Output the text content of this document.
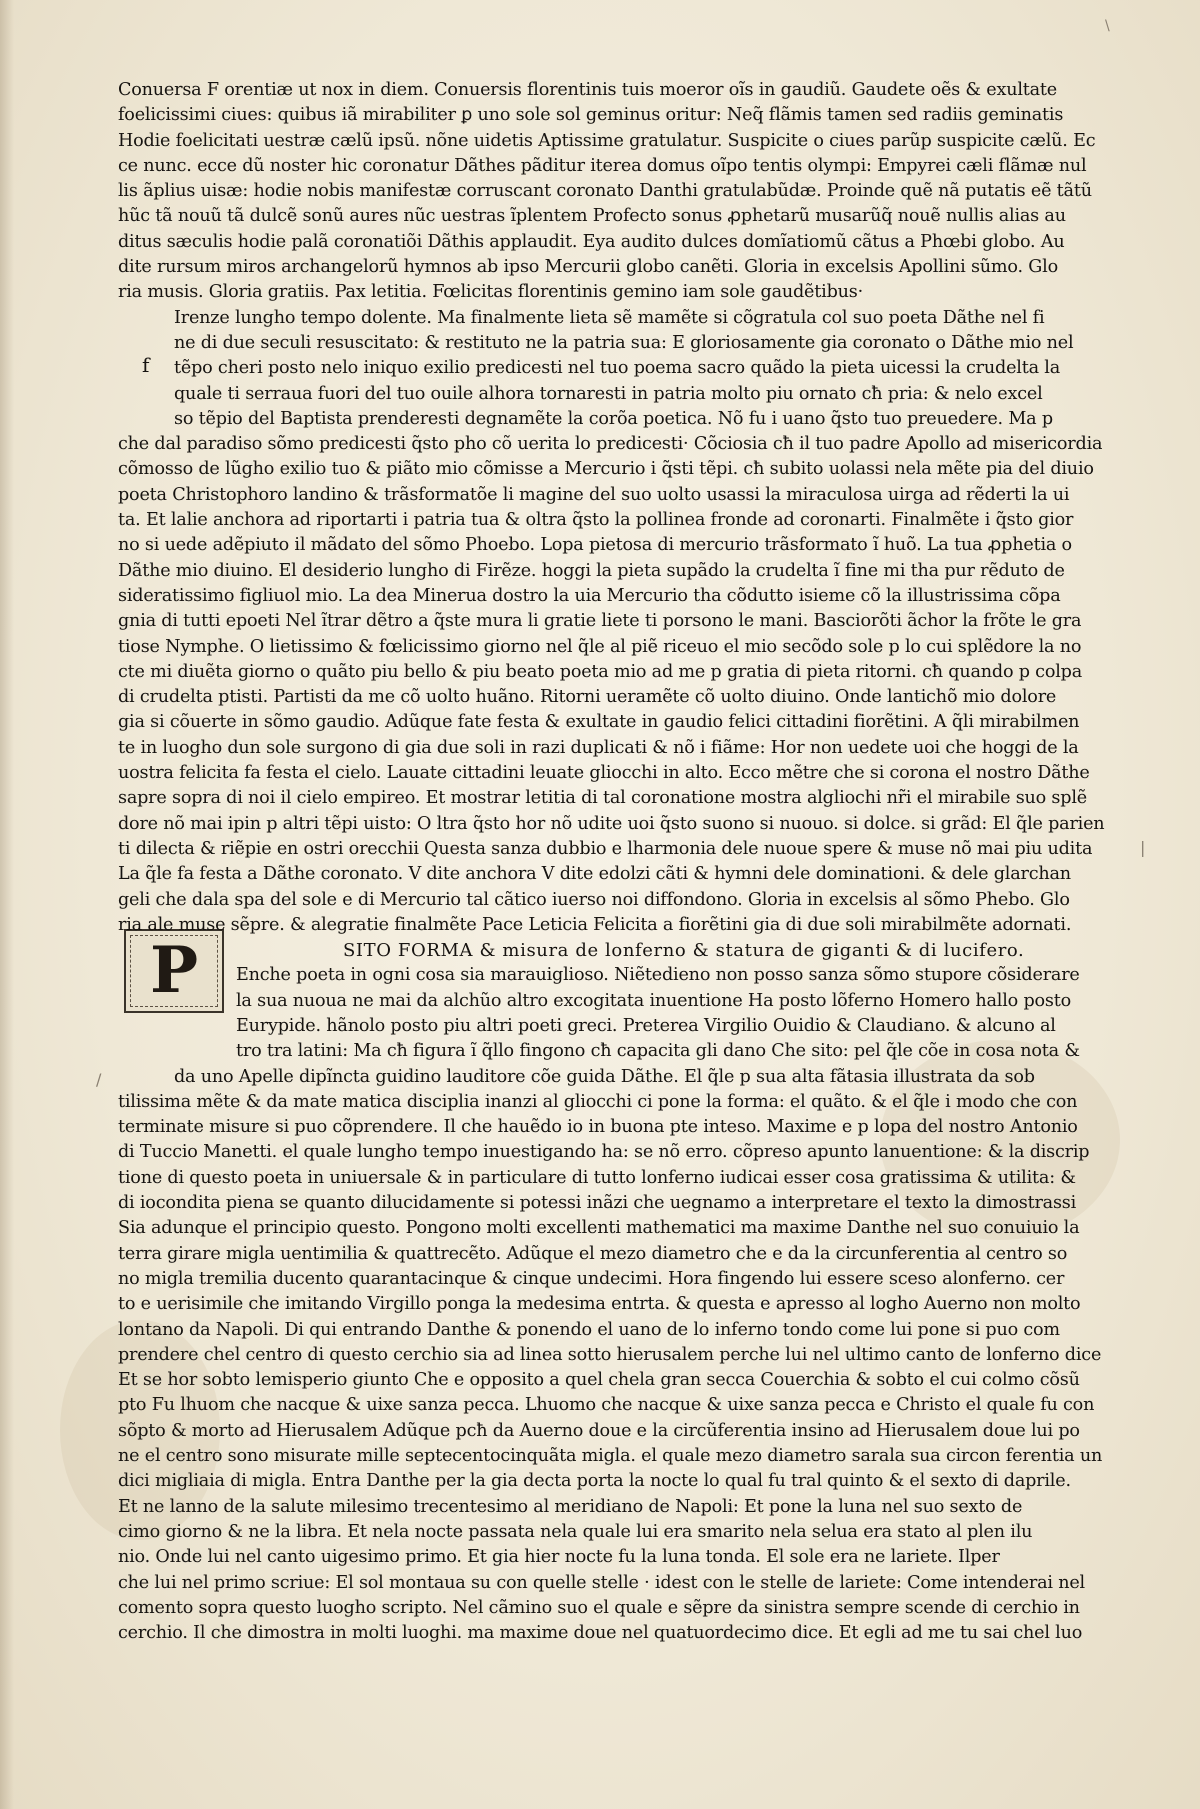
\
|
/
f
P
Conuersa F orentiæ ut nox in diem. Conuersis florentinis tuis moeror oĩs in gaudiũ. Gaudete oẽs & exultate
foelicissimi ciues: quibus iã mirabiliter ꝑ uno sole sol geminus oritur: Neq̃ flãmis tamen sed radiis geminatis
Hodie foelicitati uestræ cælũ ipsũ. nõne uidetis Aptissime gratulatur. Suspicite o ciues parũp suspicite cælũ. Ec
ce nunc. ecce dũ noster hic coronatur Dãthes pãditur iterea domus oĩpo tentis olympi: Empyrei cæli flãmæ nul
lis ãplius uisæ: hodie nobis manifestæ corruscant coronato Danthi gratulabũdæ. Proinde quẽ nã putatis eẽ tãtũ
hũc tã nouũ tã dulcẽ sonũ aures nũc uestras ĩplentem Profecto sonus ꝓphetarũ musarũq̃ nouẽ nullis alias au
ditus sæculis hodie palã coronatiõi Dãthis applaudit. Eya audito dulces domĩatiomũ cãtus a Phœbi globo. Au
dite rursum miros archangelorũ hymnos ab ipso Mercurii globo canẽti. Gloria in excelsis Apollini sũmo. Glo
ria musis. Gloria gratiis. Pax letitia. Fœlicitas florentinis gemino iam sole gaudẽtibus·
Irenze lungho tempo dolente. Ma finalmente lieta sẽ mamẽte si cõgratula col suo poeta Dãthe nel fi
ne di due seculi resuscitato: & restituto ne la patria sua: E gloriosamente gia coronato o Dãthe mio nel
tẽpo cheri posto nelo iniquo exilio predicesti nel tuo poema sacro quãdo la pieta uicessi la crudelta la
quale ti serraua fuori del tuo ouile alhora tornaresti in patria molto piu ornato cħ pria: & nelo excel
so tẽpio del Baptista prenderesti degnamẽte la corõa poetica. Nõ fu i uano q̃sto tuo preuedere. Ma p
che dal paradiso sõmo predicesti q̃sto pho cõ uerita lo predicesti· Cõciosia cħ il tuo padre Apollo ad misericordia
cõmosso de lũgho exilio tuo & piãto mio cõmisse a Mercurio i q̃sti tẽpi. cħ subito uolassi nela mẽte pia del diuio
poeta Christophoro landino & trãsformatõe li magine del suo uolto usassi la miraculosa uirga ad rẽderti la ui
ta. Et lalie anchora ad riportarti i patria tua & oltra q̃sto la pollinea fronde ad coronarti. Finalmẽte i q̃sto gior
no si uede adẽpiuto il mãdato del sõmo Phoebo. Lopa pietosa di mercurio trãsformato ĩ huõ. La tua ꝓphetia o
Dãthe mio diuino. El desiderio lungho di Firẽze. hoggi la pieta supãdo la crudelta ĩ fine mi tha pur rẽduto de
sideratissimo figliuol mio. La dea Minerua dostro la uia Mercurio tha cõdutto isieme cõ la illustrissima cõpa
gnia di tutti epoeti Nel ĩtrar dẽtro a q̃ste mura li gratie liete ti porsono le mani. Basciorõti ãchor la frõte le gra
tiose Nymphe. O lietissimo & fœlicissimo giorno nel q̃le al piẽ riceuo el mio secõdo sole p lo cui splẽdore la no
cte mi diuẽta giorno o quãto piu bello & piu beato poeta mio ad me p gratia di pieta ritorni. cħ quando p colpa
di crudelta ptisti. Partisti da me cõ uolto huãno. Ritorni ueramẽte cõ uolto diuino. Onde lantichõ mio dolore
gia si cõuerte in sõmo gaudio. Adũque fate festa & exultate in gaudio felici cittadini fiorẽtini. A q̃li mirabilmen
te in luogho dun sole surgono di gia due soli in razi duplicati & nõ i fiãme: Hor non uedete uoi che hoggi de la
uostra felicita fa festa el cielo. Lauate cittadini leuate gliocchi in alto. Ecco mẽtre che si corona el nostro Dãthe
sapre sopra di noi il cielo empireo. Et mostrar letitia di tal coronatione mostra algliochi nr̃i el mirabile suo splẽ
dore nõ mai ipin p altri tẽpi uisto: O ltra q̃sto hor nõ udite uoi q̃sto suono si nuouo. si dolce. si grãd: El q̃le parien
ti dilecta & riẽpie en ostri orecchii Questa sanza dubbio e lharmonia dele nuoue spere & muse nõ mai piu udita
La q̃le fa festa a Dãthe coronato. V dite anchora V dite edolzi cãti & hymni dele dominationi. & dele glarchan
geli che dala spa del sole e di Mercurio tal cãtico iuerso noi diffondono. Gloria in excelsis al sõmo Phebo. Glo
ria ale muse sẽpre. & alegratie finalmẽte Pace Leticia Felicita a fiorẽtini gia di due soli mirabilmẽte adornati.
SITO FORMA & misura de lonferno & statura de giganti & di lucifero.
Enche poeta in ogni cosa sia marauiglioso. Niẽtedieno non posso sanza sõmo stupore cõsiderare
la sua nuoua ne mai da alchũo altro excogitata inuentione Ha posto lõferno Homero hallo posto
Eurypide. hãnolo posto piu altri poeti greci. Preterea Virgilio Ouidio & Claudiano. & alcuno al
tro tra latini: Ma cħ figura ĩ q̃llo fingono cħ capacita gli dano Che sito: pel q̃le cõe in cosa nota &
da uno Apelle dipĩncta guidino lauditore cõe guida Dãthe. El q̃le p sua alta fãtasia illustrata da sob
tilissima mẽte & da mate matica disciplia inanzi al gliocchi ci pone la forma: el quãto. & el q̃le i modo che con
terminate misure si puo cõprendere. Il che hauẽdo io in buona pte inteso. Maxime e p lopa del nostro Antonio
di Tuccio Manetti. el quale lungho tempo inuestigando ha: se nõ erro. cõpreso apunto lanuentione: & la discrip
tione di questo poeta in uniuersale & in particulare di tutto lonferno iudicai esser cosa gratissima & utilita: &
di iocondita piena se quanto dilucidamente si potessi inãzi che uegnamo a interpretare el texto la dimostrassi
Sia adunque el principio questo. Pongono molti excellenti mathematici ma maxime Danthe nel suo conuiuio la
terra girare migla uentimilia & quattrecẽto. Adũque el mezo diametro che e da la circunferentia al centro so
no migla tremilia ducento quarantacinque & cinque undecimi. Hora fingendo lui essere sceso alonferno. cer
to e uerisimile che imitando Virgillo ponga la medesima entrta. & questa e apresso al logho Auerno non molto
lontano da Napoli. Di qui entrando Danthe & ponendo el uano de lo inferno tondo come lui pone si puo com
prendere chel centro di questo cerchio sia ad linea sotto hierusalem perche lui nel ultimo canto de lonferno dice
Et se hor sobto lemisperio giunto Che e opposito a quel chela gran secca Couerchia & sobto el cui colmo cõsũ
pto Fu lhuom che nacque & uixe sanza pecca. Lhuomo che nacque & uixe sanza pecca e Christo el quale fu con
sõpto & morto ad Hierusalem Adũque pcħ da Auerno doue e la circũferentia insino ad Hierusalem doue lui po
ne el centro sono misurate mille septecentocinquãta migla. el quale mezo diametro sarala sua circon ferentia un
dici migliaia di migla. Entra Danthe per la gia decta porta la nocte lo qual fu tral quinto & el sexto di daprile.
Et ne lanno de la salute milesimo trecentesimo al meridiano de Napoli: Et pone la luna nel suo sexto de
cimo giorno & ne la libra. Et nela nocte passata nela quale lui era smarito nela selua era stato al plen ilu
nio. Onde lui nel canto uigesimo primo. Et gia hier nocte fu la luna tonda. El sole era ne lariete. Ilper
che lui nel primo scriue: El sol montaua su con quelle stelle · idest con le stelle de lariete: Come intenderai nel
comento sopra questo luogho scripto. Nel cãmino suo el quale e sẽpre da sinistra sempre scende di cerchio in
cerchio. Il che dimostra in molti luoghi. ma maxime doue nel quatuordecimo dice. Et egli ad me tu sai chel luo
